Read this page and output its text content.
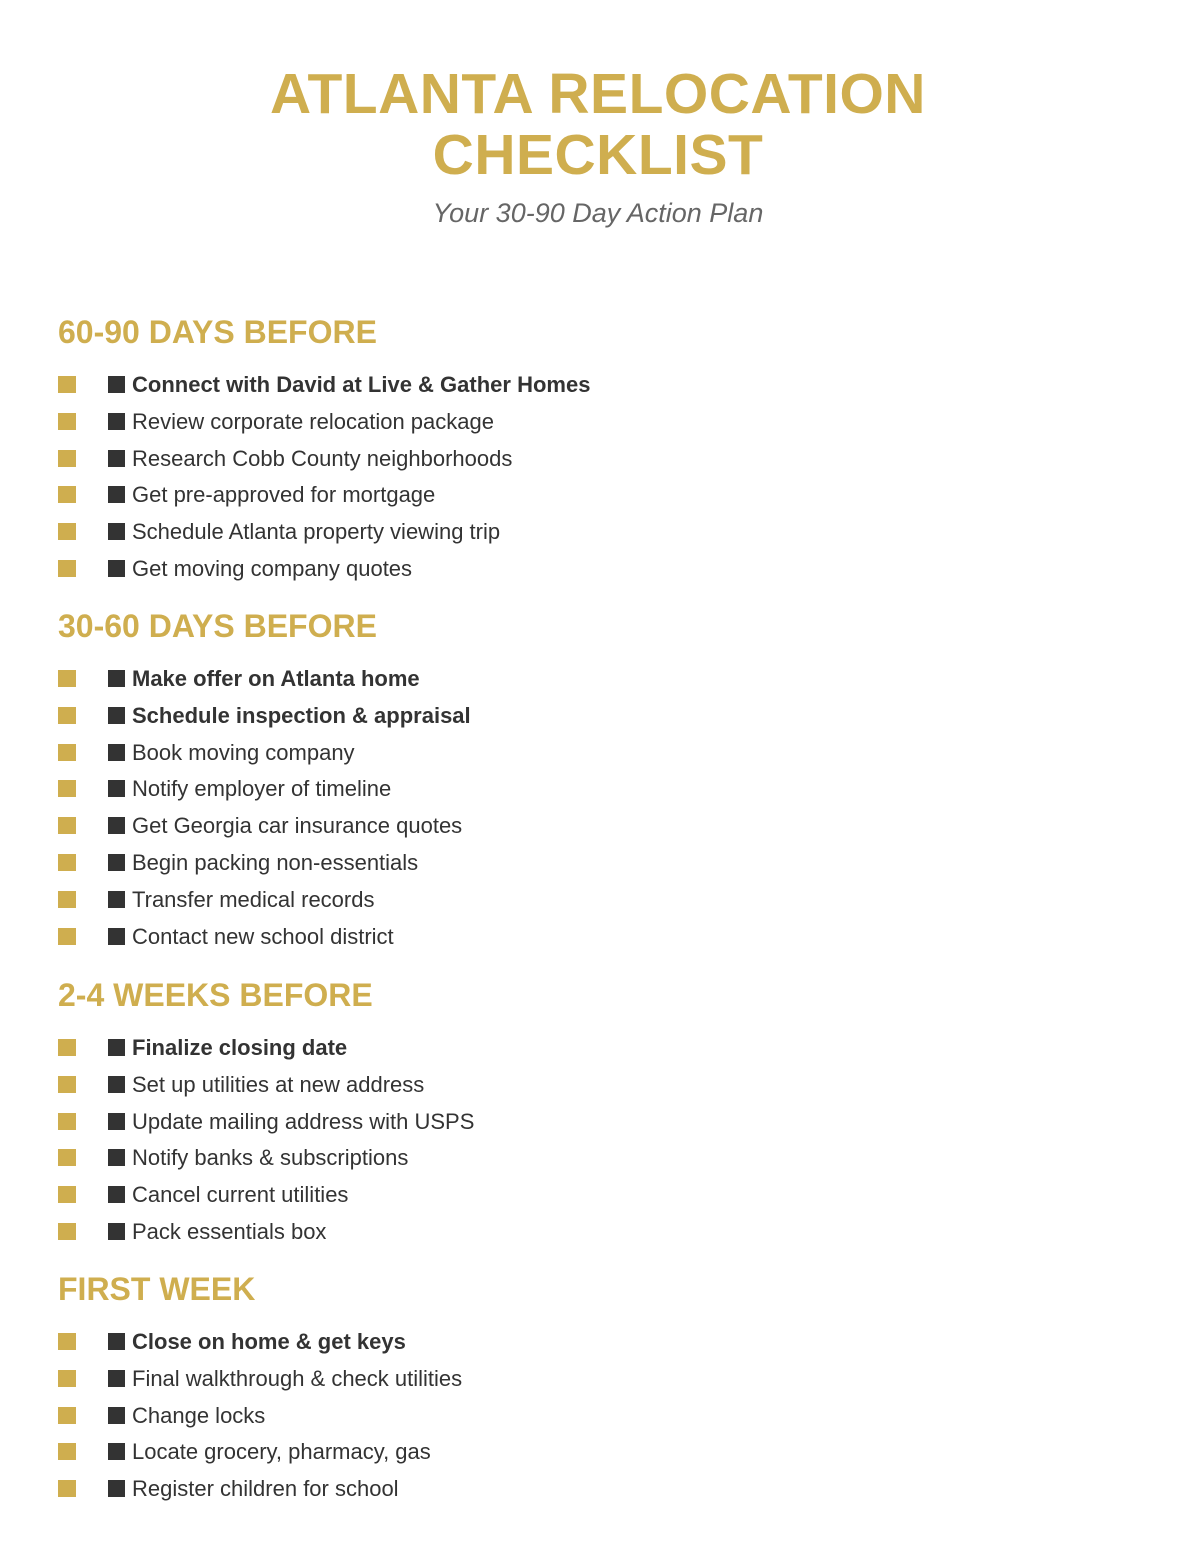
ATLANTA RELOCATION
CHECKLIST

Your 30-90 Day Action Plan

60-90 DAYS BEFORE
Connect with David at Live & Gather Homes
Review corporate relocation package
Research Cobb County neighborhoods
Get pre-approved for mortgage
Schedule Atlanta property viewing trip
Get moving company quotes
30-60 DAYS BEFORE
Make offer on Atlanta home
Schedule inspection & appraisal
Book moving company
Notify employer of timeline
Get Georgia car insurance quotes
Begin packing non-essentials
Transfer medical records
Contact new school district
2-4 WEEKS BEFORE
Finalize closing date
Set up utilities at new address
Update mailing address with USPS
Notify banks & subscriptions
Cancel current utilities
Pack essentials box
FIRST WEEK
Close on home & get keys
Final walkthrough & check utilities
Change locks
Locate grocery, pharmacy, gas
Register children for school
